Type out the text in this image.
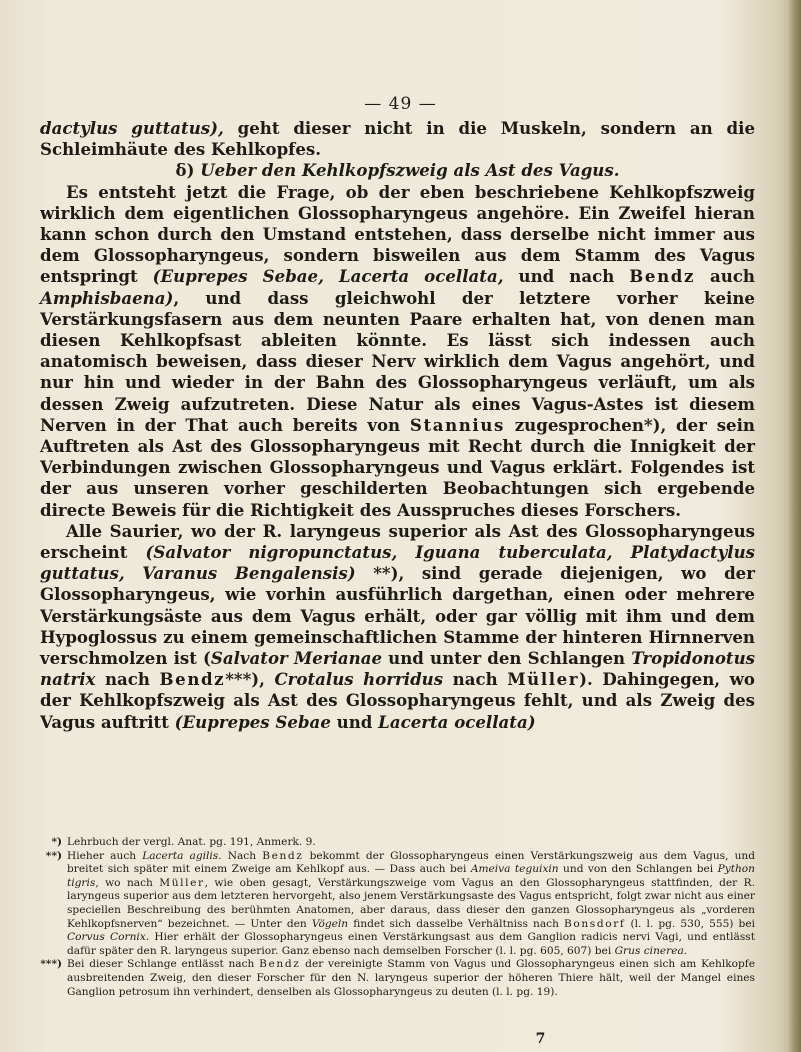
— 49 —

dactylus guttatus), geht dieser nicht in die Muskeln, sondern an die Schleimhäute des Kehlkopfes.

δ) Ueber den Kehlkopfszweig als Ast des Vagus.

Es entsteht jetzt die Frage, ob der eben beschriebene Kehlkopfszweig wirklich dem eigentlichen Glossopharyngeus angehöre. Ein Zweifel hieran kann schon durch den Umstand entstehen, dass derselbe nicht immer aus dem Glossopharyngeus, sondern bisweilen aus dem Stamm des Vagus entspringt (Euprepes Sebae, Lacerta ocellata, und nach Bendz auch Amphisbaena), und dass gleichwohl der letztere vorher keine Verstärkungsfasern aus dem neunten Paare erhalten hat, von denen man diesen Kehlkopfsast ableiten könnte. Es lässt sich indessen auch anatomisch beweisen, dass dieser Nerv wirklich dem Vagus angehört, und nur hin und wieder in der Bahn des Glossopharyngeus verläuft, um als dessen Zweig aufzutreten. Diese Natur als eines Vagus-Astes ist diesem Nerven in der That auch bereits von Stannius zugesprochen*), der sein Auftreten als Ast des Glossopharyngeus mit Recht durch die Innigkeit der Verbindungen zwischen Glossopharyngeus und Vagus erklärt. Folgendes ist der aus unseren vorher geschilderten Beobachtungen sich ergebende directe Beweis für die Richtigkeit des Ausspruches dieses Forschers.

Alle Saurier, wo der R. laryngeus superior als Ast des Glossopharyngeus erscheint (Salvator nigropunctatus, Iguana tuberculata, Platydactylus guttatus, Varanus Bengalensis) **), sind gerade diejenigen, wo der Glossopharyngeus, wie vorhin ausführlich dargethan, einen oder mehrere Verstärkungsäste aus dem Vagus erhält, oder gar völlig mit ihm und dem Hypoglossus zu einem gemeinschaftlichen Stamme der hinteren Hirnnerven verschmolzen ist (Salvator Merianae und unter den Schlangen Tropidonotus natrix nach Bendz***), Crotalus horridus nach Müller). Dahingegen, wo der Kehlkopfszweig als Ast des Glossopharyngeus fehlt, und als Zweig des Vagus auftritt (Euprepes Sebae und Lacerta ocellata)

*) Lehrbuch der vergl. Anat. pg. 191, Anmerk. 9.
**) Hieher auch Lacerta agilis. Nach Bendz bekommt der Glossopharyngeus einen Verstärkungszweig aus dem Vagus, und breitet sich später mit einem Zweige am Kehlkopf aus. — Dass auch bei Ameiva teguixin und von den Schlangen bei Python tigris, wo nach Müller, wie oben gesagt, Verstärkungszweige vom Vagus an den Glossopharyngeus stattfinden, der R. laryngeus superior aus dem letzteren hervorgeht, also jenem Verstärkungsaste des Vagus entspricht, folgt zwar nicht aus einer speciellen Beschreibung des berühmten Anatomen, aber daraus, dass dieser den ganzen Glossopharyngeus als „vorderen Kehlkopfsnerven“ bezeichnet. — Unter den Vögeln findet sich dasselbe Verhältniss nach Bonsdorf (l. l. pg. 530, 555) bei Corvus Cornix. Hier erhält der Glossopharyngeus einen Verstärkungsast aus dem Ganglion radicis nervi Vagi, und entlässt dafür später den R. laryngeus superior. Ganz ebenso nach demselben Forscher (l. l. pg. 605, 607) bei Grus cinerea.
***) Bei dieser Schlange entlässt nach Bendz der vereinigte Stamm von Vagus und Glossopharyngeus einen sich am Kehlkopfe ausbreitenden Zweig, den dieser Forscher für den N. laryngeus superior der höheren Thiere hält, weil der Mangel eines Ganglion petrosum ihn verhindert, denselben als Glossopharyngeus zu deuten (l. l. pg. 19).
7
